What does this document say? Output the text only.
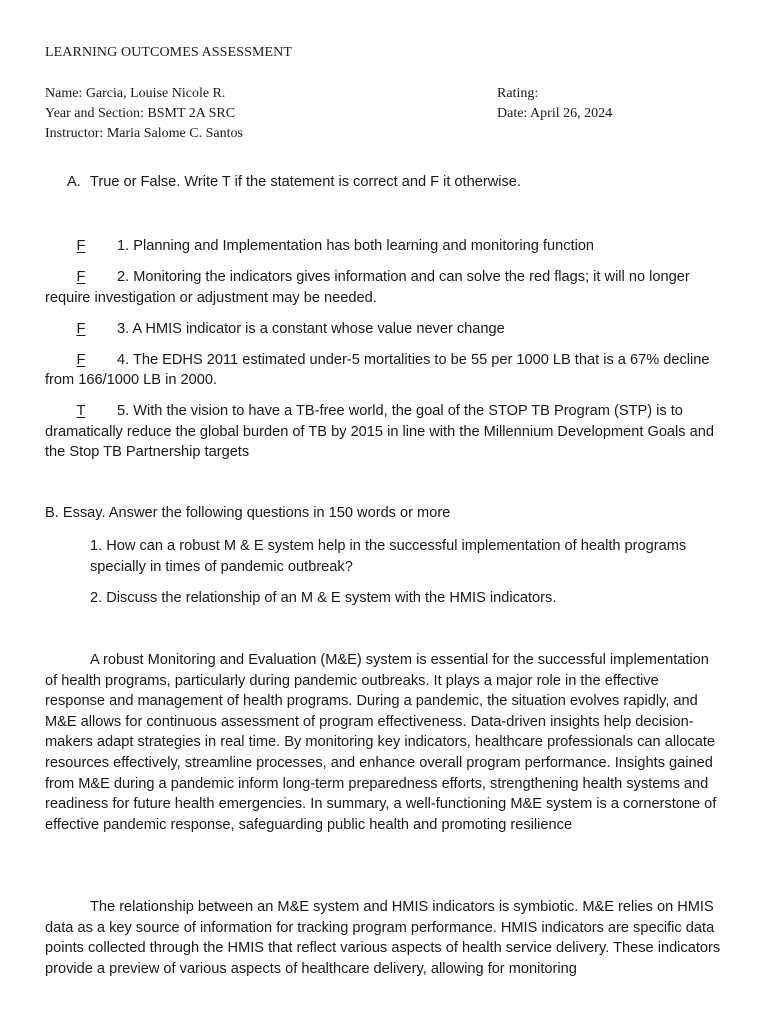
LEARNING OUTCOMES ASSESSMENT
Name: Garcia, Louise Nicole R.
Year and Section: BSMT 2A SRC
Instructor: Maria Salome C. Santos
Rating:
Date: April 26, 2024
A. True or False. Write T if the statement is correct and F it otherwise.
F 1. Planning and Implementation has both learning and monitoring function
F 2. Monitoring the indicators gives information and can solve the red flags; it will no longer require investigation or adjustment may be needed.
F 3. A HMIS indicator is a constant whose value never change
F 4. The EDHS 2011 estimated under-5 mortalities to be 55 per 1000 LB that is a 67% decline from 166/1000 LB in 2000.
T 5. With the vision to have a TB-free world, the goal of the STOP TB Program (STP) is to dramatically reduce the global burden of TB by 2015 in line with the Millennium Development Goals and the Stop TB Partnership targets
B. Essay. Answer the following questions in 150 words or more
1. How can a robust M & E system help in the successful implementation of health programs specially in times of pandemic outbreak?
2. Discuss the relationship of an M & E system with the HMIS indicators.

A robust Monitoring and Evaluation (M&E) system is essential for the successful implementation of health programs, particularly during pandemic outbreaks. It plays a major role in the effective response and management of health programs. During a pandemic, the situation evolves rapidly, and M&E allows for continuous assessment of program effectiveness. Data-driven insights help decision-makers adapt strategies in real time. By monitoring key indicators, healthcare professionals can allocate resources effectively, streamline processes, and enhance overall program performance. Insights gained from M&E during a pandemic inform long-term preparedness efforts, strengthening health systems and readiness for future health emergencies. In summary, a well-functioning M&E system is a cornerstone of effective pandemic response, safeguarding public health and promoting resilience

The relationship between an M&E system and HMIS indicators is symbiotic. M&E relies on HMIS data as a key source of information for tracking program performance. HMIS indicators are specific data points collected through the HMIS that reflect various aspects of health service delivery. These indicators provide a preview of various aspects of healthcare delivery, allowing for monitoring
